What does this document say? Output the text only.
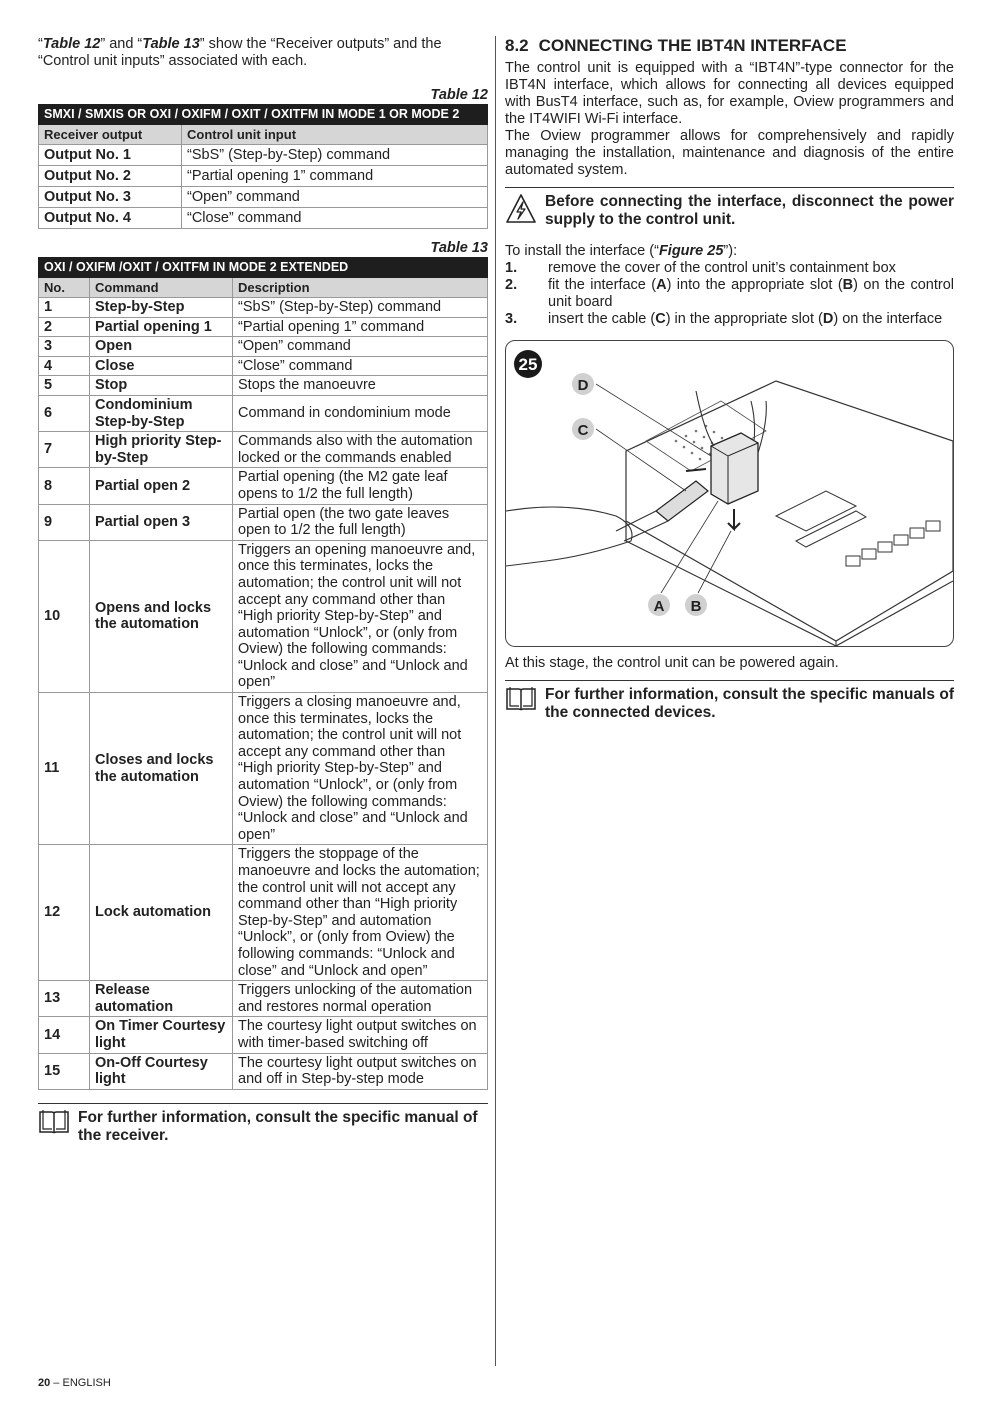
“Table 12” and “Table 13” show the “Receiver outputs” and the “Control unit inputs” associated with each.

Table 12

SMXI / SMXIS OR OXI / OXIFM / OXIT / OXITFM IN MODE 1 OR MODE 2	
Receiver output	Control unit input
Output No. 1	“SbS” (Step-by-Step) command
Output No. 2	“Partial opening 1” command
Output No. 3	“Open” command
Output No. 4	“Close” command

Table 13

OXI / OXIFM /OXIT / OXITFM IN MODE 2 EXTENDED		
No.	Command	Description
1	Step-by-Step	“SbS” (Step-by-Step) command
2	Partial opening 1	“Partial opening 1” command
3	Open	“Open” command
4	Close	“Close” command
5	Stop	Stops the manoeuvre
6	Condominium Step-by-Step	Command in condominium mode
7	High priority Step-by-Step	Commands also with the automation locked or the commands enabled
8	Partial open 2	Partial opening (the M2 gate leaf opens to 1/2 the full length)
9	Partial open 3	Partial open (the two gate leaves open to 1/2 the full length)
10	Opens and locks the automation	Triggers an opening manoeuvre and, once this terminates, locks the automation; the control unit will not accept any command other than “High priority Step-by-Step” and automation “Unlock”, or (only from Oview) the following commands: “Unlock and close” and “Unlock and open”
11	Closes and locks the automation	Triggers a closing manoeuvre and, once this terminates, locks the automation; the control unit will not accept any command other than “High priority Step-by-Step” and automation “Unlock”, or (only from Oview) the following commands: “Unlock and close” and “Unlock and open”
12	Lock automation	Triggers the stoppage of the manoeuvre and locks the automation; the control unit will not accept any command other than “High priority Step-by-Step” and automation “Unlock”, or (only from Oview) the following commands: “Unlock and close” and “Unlock and open”
13	Release automation	Triggers unlocking of the automation and restores normal operation
14	On Timer Courtesy light	The courtesy light output switches on with timer-based switching off
15	On-Off Courtesy light	The courtesy light output switches on and off in Step-by-step mode
For further information, consult the specific manual of the receiver.
8.2 CONNECTING THE IBT4N INTERFACE

The control unit is equipped with a “IBT4N”-type connector for the IBT4N interface, which allows for connecting all devices equipped with BusT4 interface, such as, for example, Oview programmers and the IT4WIFI Wi-Fi interface.

The Oview programmer allows for comprehensively and rapidly managing the installation, maintenance and diagnosis of the entire automated system.

Before connecting the interface, disconnect the power supply to the control unit.
To install the interface (“Figure 25”):
1.	remove the cover of the control unit’s containment box
2.	fit the interface (A) into the appropriate slot (B) on the control unit board
3.	insert the cable (C) in the appropriate slot (D) on the interface
25
D
C
A B

At this stage, the control unit can be powered again.

For further information, consult the specific manuals of the connected devices.
20 – ENGLISH
